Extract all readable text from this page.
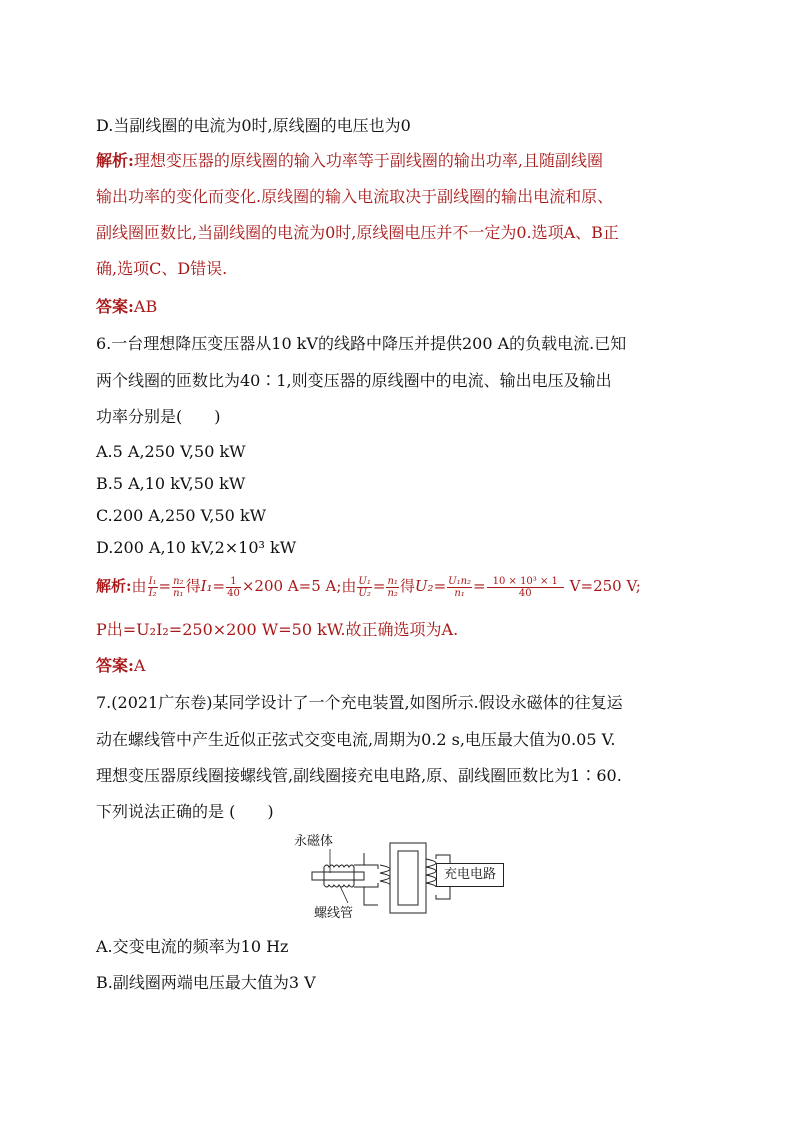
D.当副线圈的电流为0时,原线圈的电压也为0
解析:理想变压器的原线圈的输入功率等于副线圈的输出功率,且随副线圈
输出功率的变化而变化.原线圈的输入电流取决于副线圈的输出电流和原、
副线圈匝数比,当副线圈的电流为0时,原线圈电压并不一定为0.选项A、B正
确,选项C、D错误.
答案:AB
6.一台理想降压变压器从10 kV的线路中降压并提供200 A的负载电流.已知
两个线圈的匝数比为40∶1,则变压器的原线圈中的电流、输出电压及输出
功率分别是(　　)
A.5 A,250 V,50 kW
B.5 A,10 kV,50 kW
C.200 A,250 V,50 kW
D.200 A,10 kV,2×10³ kW
解析:由 $\frac{\text{I₁}}{\text{I₂}} = \frac{\text{n₂}}{\text{n₁}}$ 得$I_1= \frac{1}{40} \times 200$ A=5 A;由 $\frac{\text{U₁}}{\text{U₂}} = \frac{\text{n₁}}{\text{n₂}}$ 得$U_2= \frac{\text{U₁n₂}}{\text{n₁}} = \frac{\text{10 × 10³ × 1}}{40} V=250$ V;
P出=U₂I₂=250×200 W=50 kW.故正确选项为A.
答案:A
7.(2021广东卷)某同学设计了一个充电装置,如图所示.假设永磁体的往复运
动在螺线管中产生近似正弦式交变电流,周期为0.2 s,电压最大值为0.05 V.
理想变压器原线圈接螺线管,副线圈接充电电路,原、副线圈匝数比为1∶60.
下列说法正确的是 (　　)
永磁体
螺线管
充电电路
A.交变电流的频率为10 Hz
B.副线圈两端电压最大值为3 V
